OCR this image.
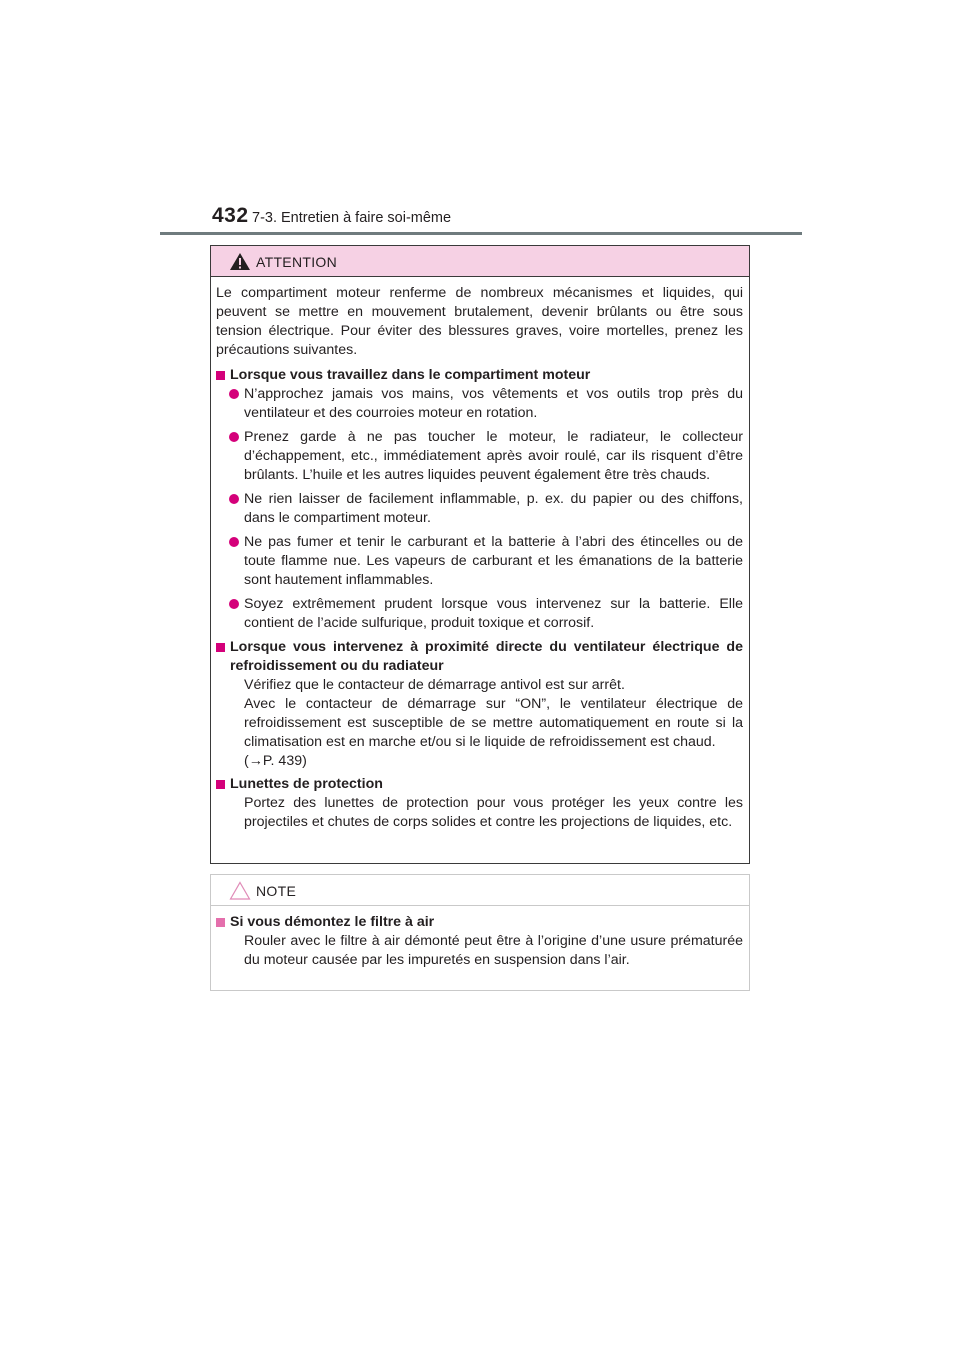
432 7-3. Entretien à faire soi-même
ATTENTION

Le compartiment moteur renferme de nombreux mécanismes et liquides, qui peuvent se mettre en mouvement brutalement, devenir brûlants ou être sous tension électrique. Pour éviter des blessures graves, voire mortelles, prenez les précautions suivantes.

Lorsque vous travaillez dans le compartiment moteur

N’approchez jamais vos mains, vos vêtements et vos outils trop près du ventilateur et des courroies moteur en rotation.

Prenez garde à ne pas toucher le moteur, le radiateur, le collecteur d’échappement, etc., immédiatement après avoir roulé, car ils risquent d’être brûlants. L’huile et les autres liquides peuvent également être très chauds.

Ne rien laisser de facilement inflammable, p. ex. du papier ou des chiffons, dans le compartiment moteur.

Ne pas fumer et tenir le carburant et la batterie à l’abri des étincelles ou de toute flamme nue. Les vapeurs de carburant et les émanations de la batterie sont hautement inflammables.

Soyez extrêmement prudent lorsque vous intervenez sur la batterie. Elle contient de l’acide sulfurique, produit toxique et corrosif.

Lorsque vous intervenez à proximité directe du ventilateur électrique de refroidissement ou du radiateur

Vérifiez que le contacteur de démarrage antivol est sur arrêt.

Avec le contacteur de démarrage sur “ON”, le ventilateur électrique de refroidissement est susceptible de se mettre automatiquement en route si la climatisation est en marche et/ou si le liquide de refroidissement est chaud.

(→P. 439)

Lunettes de protection

Portez des lunettes de protection pour vous protéger les yeux contre les projectiles et chutes de corps solides et contre les projections de liquides, etc.

NOTE

Si vous démontez le filtre à air

Rouler avec le filtre à air démonté peut être à l’origine d’une usure prématurée du moteur causée par les impuretés en suspension dans l’air.
